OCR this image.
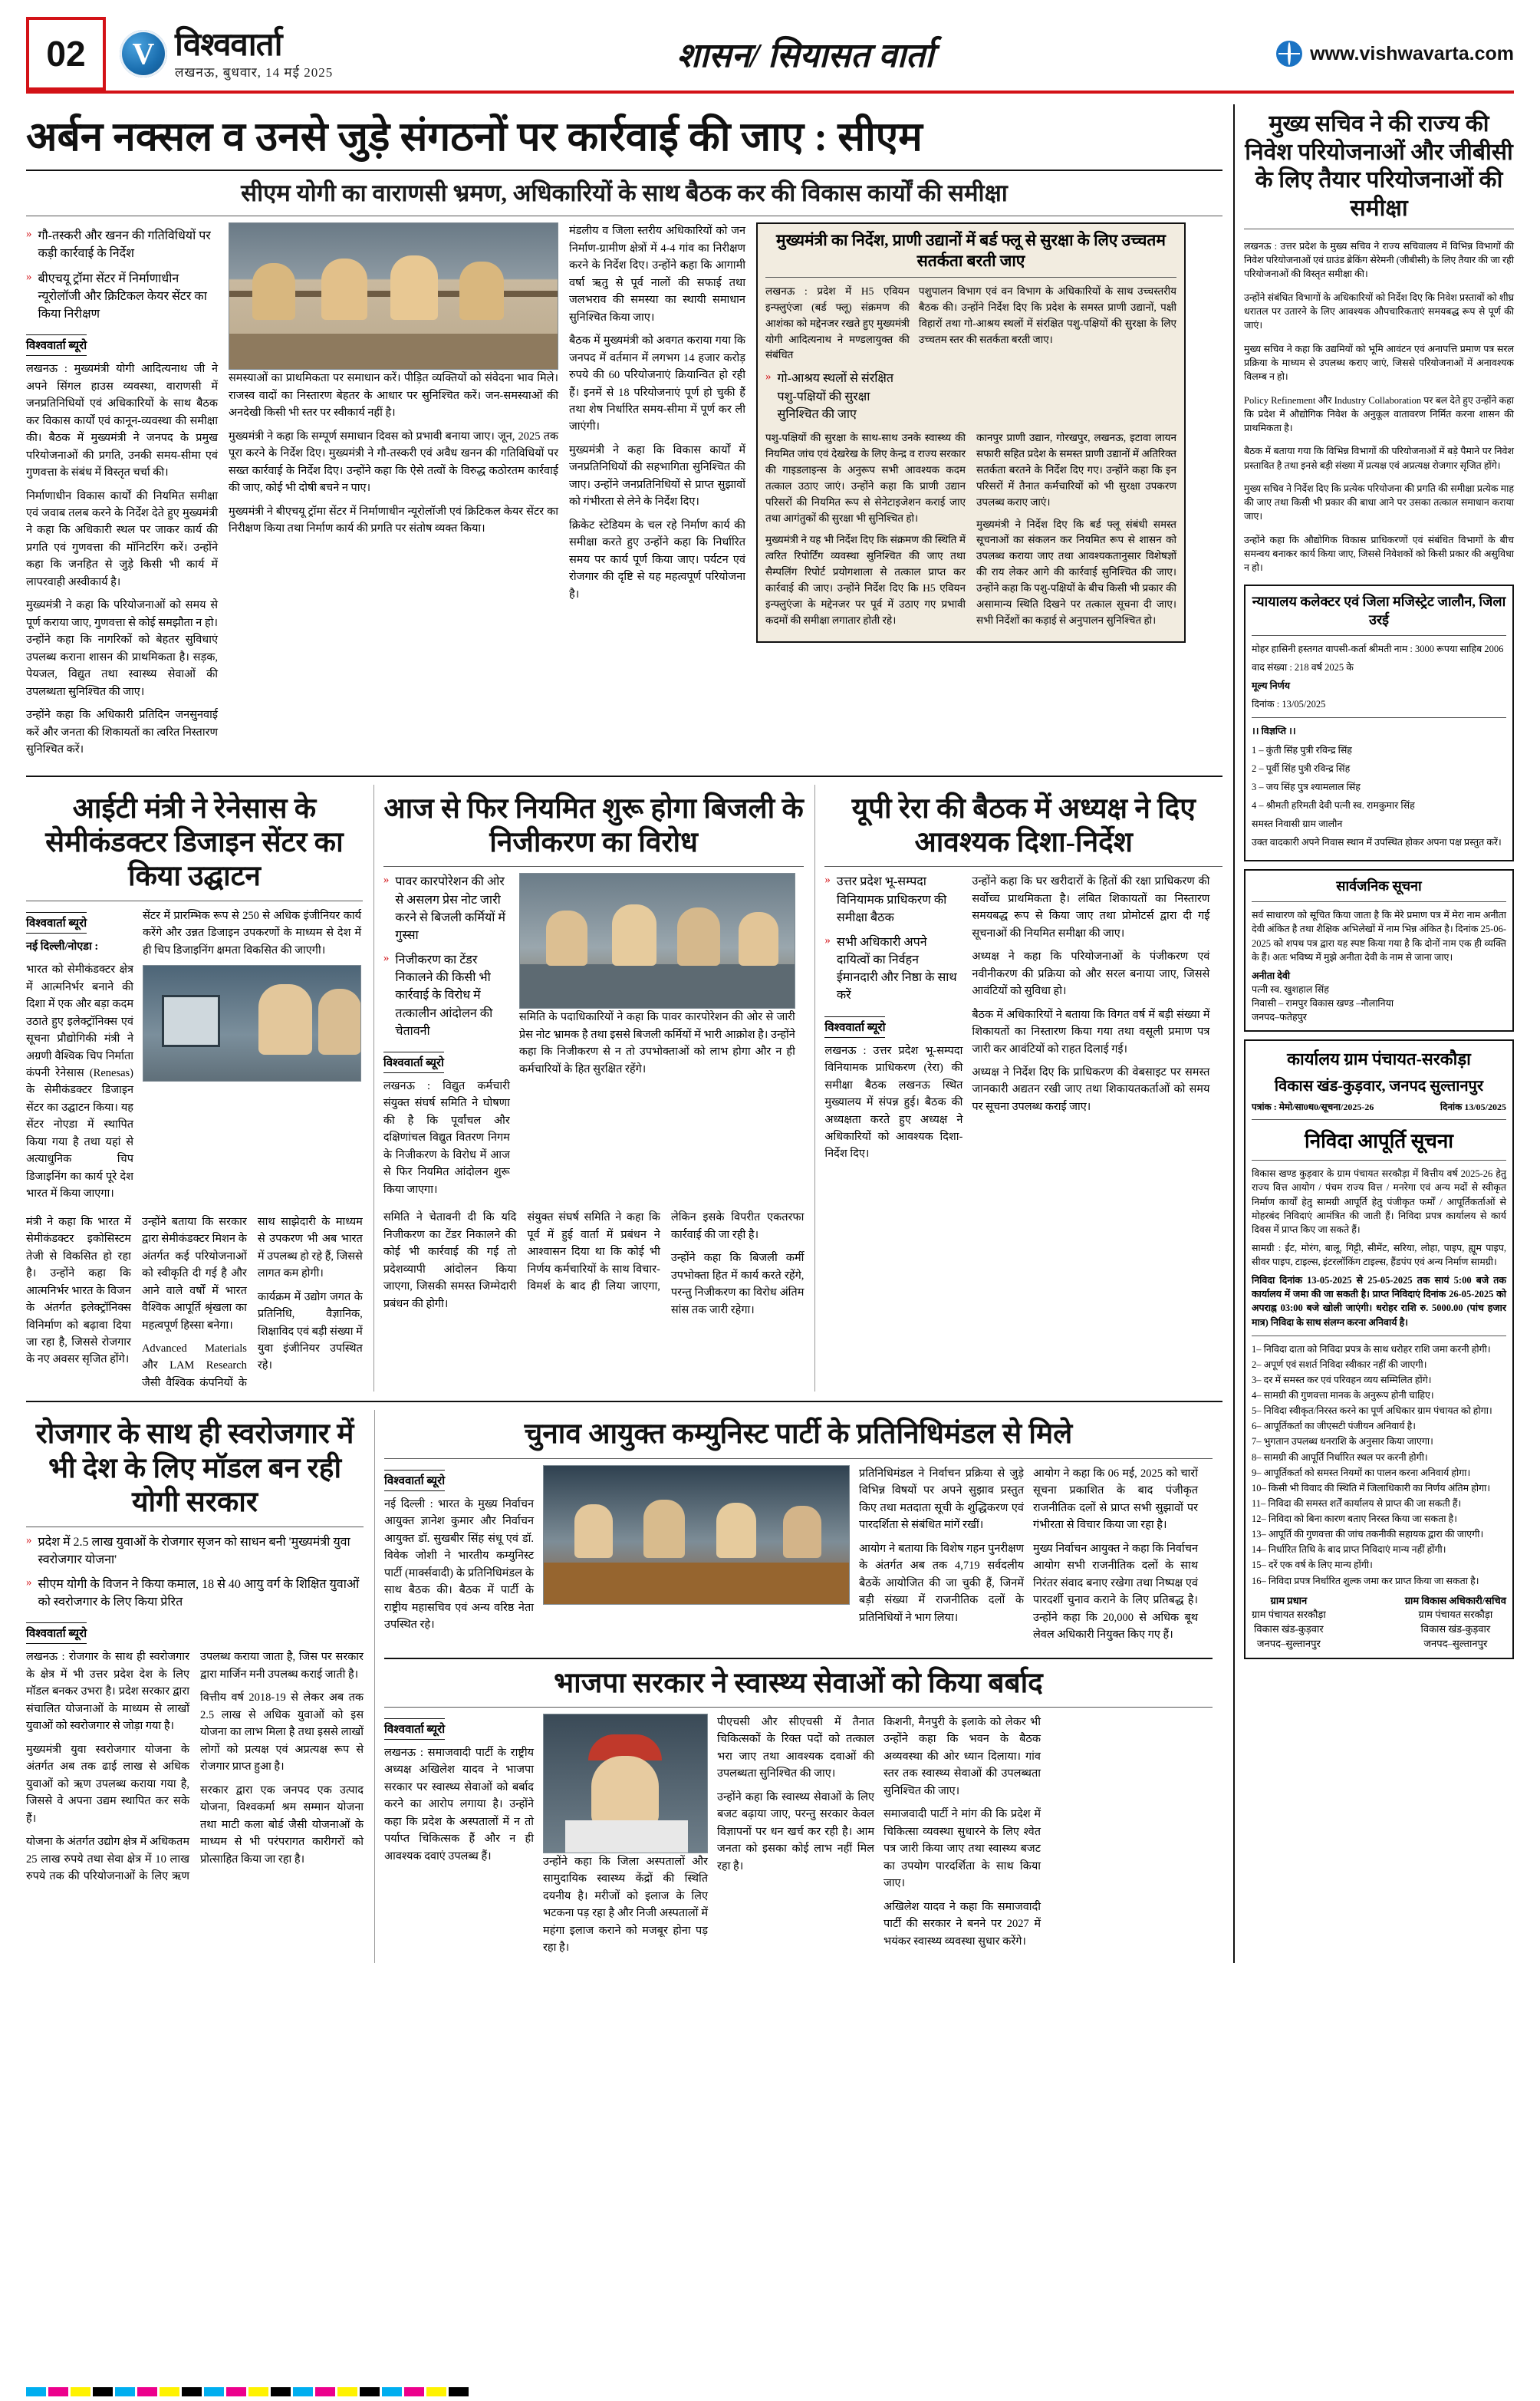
02 V	विश्ववार्ता
लखनऊ, बुधवार, 14 मई 2025	शासन/ सियासत वार्ता	www.vishwavarta.com
अर्बन नक्सल व उनसे जुड़े संगठनों पर कार्रवाई की जाए : सीएम
सीएम योगी का वाराणसी भ्रमण, अधिकारियों के साथ बैठक कर की विकास कार्यों की समीक्षा
» गौ-तस्करी और खनन की गतिविधियों पर कड़ी कार्रवाई के निर्देश
» बीएचयू ट्रॉमा सेंटर में निर्माणाधीन न्यूरोलॉजी और क्रिटिकल केयर सेंटर का किया निरीक्षण
विश्ववार्ता ब्यूरो

लखनऊ : मुख्यमंत्री योगी आदित्यनाथ जी ने अपने सिंगल हाउस व्यवस्था, वाराणसी में जनप्रतिनिधियों एवं अधिकारियों के साथ बैठक कर विकास कार्यों एवं कानून-व्यवस्था की समीक्षा की। बैठक में मुख्यमंत्री ने जनपद के प्रमुख परियोजनाओं की प्रगति, उनकी समय-सीमा एवं गुणवत्ता के संबंध में विस्तृत चर्चा की।

निर्माणाधीन विकास कार्यों की नियमित समीक्षा एवं जवाब तलब करने के निर्देश देते हुए मुख्यमंत्री ने कहा कि अधिकारी स्थल पर जाकर कार्य की प्रगति एवं गुणवत्ता की मॉनिटरिंग करें। उन्होंने कहा कि जनहित से जुड़े किसी भी कार्य में लापरवाही अस्वीकार्य है।

मुख्यमंत्री ने कहा कि परियोजनाओं को समय से पूर्ण कराया जाए, गुणवत्ता से कोई समझौता न हो। उन्होंने कहा कि नागरिकों को बेहतर सुविधाएं उपलब्ध कराना शासन की प्राथमिकता है। सड़क, पेयजल, विद्युत तथा स्वास्थ्य सेवाओं की उपलब्धता सुनिश्चित की जाए।

उन्होंने कहा कि अधिकारी प्रतिदिन जनसुनवाई करें और जनता की शिकायतों का त्वरित निस्तारण सुनिश्चित करें।

समस्याओं का प्राथमिकता पर समाधान करें। पीड़ित व्यक्तियों को संवेदना भाव मिले। राजस्व वादों का निस्तारण बेहतर के आधार पर सुनिश्चित करें। जन-समस्याओं की अनदेखी किसी भी स्तर पर स्वीकार्य नहीं है।

मुख्यमंत्री ने कहा कि सम्पूर्ण समाधान दिवस को प्रभावी बनाया जाए। जून, 2025 तक पूरा करने के निर्देश दिए। मुख्यमंत्री ने गौ-तस्करी एवं अवैध खनन की गतिविधियों पर सख्त कार्रवाई के निर्देश दिए। उन्होंने कहा कि ऐसे तत्वों के विरुद्ध कठोरतम कार्रवाई की जाए, कोई भी दोषी बचने न पाए।

मुख्यमंत्री ने बीएचयू ट्रॉमा सेंटर में निर्माणाधीन न्यूरोलॉजी एवं क्रिटिकल केयर सेंटर का निरीक्षण किया तथा निर्माण कार्य की प्रगति पर संतोष व्यक्त किया।

मंडलीय व जिला स्तरीय अधिकारियों को जन निर्माण-ग्रामीण क्षेत्रों में 4-4 गांव का निरीक्षण करने के निर्देश दिए। उन्होंने कहा कि आगामी वर्षा ऋतु से पूर्व नालों की सफाई तथा जलभराव की समस्या का स्थायी समाधान सुनिश्चित किया जाए।

बैठक में मुख्यमंत्री को अवगत कराया गया कि जनपद में वर्तमान में लगभग 14 हजार करोड़ रुपये की 60 परियोजनाएं क्रियान्वित हो रही हैं। इनमें से 18 परियोजनाएं पूर्ण हो चुकी हैं तथा शेष निर्धारित समय-सीमा में पूर्ण कर ली जाएंगी।

मुख्यमंत्री ने कहा कि विकास कार्यों में जनप्रतिनिधियों की सहभागिता सुनिश्चित की जाए। उन्होंने जनप्रतिनिधियों से प्राप्त सुझावों को गंभीरता से लेने के निर्देश दिए।

क्रिकेट स्टेडियम के चल रहे निर्माण कार्य की समीक्षा करते हुए उन्होंने कहा कि निर्धारित समय पर कार्य पूर्ण किया जाए। पर्यटन एवं रोजगार की दृष्टि से यह महत्वपूर्ण परियोजना है।

मुख्यमंत्री का निर्देश, प्राणी उद्यानों में बर्ड फ्लू से सुरक्षा के लिए उच्चतम सतर्कता बरती जाए

लखनऊ : प्रदेश में H5 एवियन इन्फ्लुएंजा (बर्ड फ्लू) संक्रमण की आशंका को मद्देनजर रखते हुए मुख्यमंत्री योगी आदित्यनाथ ने मण्डलायुक्त की संबंधित

» गो-आश्रय स्थलों से संरक्षित पशु-पक्षियों की सुरक्षा सुनिश्चित की जाए

पशुपालन विभाग एवं वन विभाग के अधिकारियों के साथ उच्चस्तरीय बैठक की। उन्होंने निर्देश दिए कि प्रदेश के समस्त प्राणी उद्यानों, पक्षी विहारों तथा गो-आश्रय स्थलों में संरक्षित पशु-पक्षियों की सुरक्षा के लिए उच्चतम स्तर की सतर्कता बरती जाए।

पशु-पक्षियों की सुरक्षा के साथ-साथ उनके स्वास्थ्य की नियमित जांच एवं देखरेख के लिए केन्द्र व राज्य सरकार की गाइडलाइन्स के अनुरूप सभी आवश्यक कदम तत्काल उठाए जाएं। उन्होंने कहा कि प्राणी उद्यान परिसरों की नियमित रूप से सेनेटाइजेशन कराई जाए तथा आगंतुकों की सुरक्षा भी सुनिश्चित हो।

मुख्यमंत्री ने यह भी निर्देश दिए कि संक्रमण की स्थिति में त्वरित रिपोर्टिंग व्यवस्था सुनिश्चित की जाए तथा सैम्पलिंग रिपोर्ट प्रयोगशाला से तत्काल प्राप्त कर कार्रवाई की जाए। उन्होंने निर्देश दिए कि H5 एवियन इन्फ्लुएंजा के मद्देनजर पर पूर्व में उठाए गए प्रभावी कदमों की समीक्षा लगातार होती रहे।

कानपुर प्राणी उद्यान, गोरखपुर, लखनऊ, इटावा लायन सफारी सहित प्रदेश के समस्त प्राणी उद्यानों में अतिरिक्त सतर्कता बरतने के निर्देश दिए गए। उन्होंने कहा कि इन परिसरों में तैनात कर्मचारियों को भी सुरक्षा उपकरण उपलब्ध कराए जाएं।

मुख्यमंत्री ने निर्देश दिए कि बर्ड फ्लू संबंधी समस्त सूचनाओं का संकलन कर नियमित रूप से शासन को उपलब्ध कराया जाए तथा आवश्यकतानुसार विशेषज्ञों की राय लेकर आगे की कार्रवाई सुनिश्चित की जाए। उन्होंने कहा कि पशु-पक्षियों के बीच किसी भी प्रकार की असामान्य स्थिति दिखने पर तत्काल सूचना दी जाए। सभी निर्देशों का कड़ाई से अनुपालन सुनिश्चित हो।

आईटी मंत्री ने रेनेसास के सेमीकंडक्टर डिजाइन सेंटर का किया उद्घाटन
विश्ववार्ता ब्यूरो

नई दिल्ली/नोएडा :

भारत को सेमीकंडक्टर क्षेत्र में आत्मनिर्भर बनाने की दिशा में एक और बड़ा कदम उठाते हुए इलेक्ट्रॉनिक्स एवं सूचना प्रौद्योगिकी मंत्री ने अग्रणी वैश्विक चिप निर्माता कंपनी रेनेसास (Renesas) के सेमीकंडक्टर डिजाइन सेंटर का उद्घाटन किया। यह सेंटर नोएडा में स्थापित किया गया है तथा यहां से अत्याधुनिक चिप डिजाइनिंग का कार्य पूरे देश भारत में किया जाएगा।

सेंटर में प्रारम्भिक रूप से 250 से अधिक इंजीनियर कार्य करेंगे और उन्नत डिजाइन उपकरणों के माध्यम से देश में ही चिप डिजाइनिंग क्षमता विकसित की जाएगी।

मंत्री ने कहा कि भारत में सेमीकंडक्टर इकोसिस्टम तेजी से विकसित हो रहा है। उन्होंने कहा कि आत्मनिर्भर भारत के विजन के अंतर्गत इलेक्ट्रॉनिक्स विनिर्माण को बढ़ावा दिया जा रहा है, जिससे रोजगार के नए अवसर सृजित होंगे।

उन्होंने बताया कि सरकार द्वारा सेमीकंडक्टर मिशन के अंतर्गत कई परियोजनाओं को स्वीकृति दी गई है और आने वाले वर्षों में भारत वैश्विक आपूर्ति श्रृंखला का महत्वपूर्ण हिस्सा बनेगा।

Advanced Materials और LAM Research जैसी वैश्विक कंपनियों के साथ साझेदारी के माध्यम से उपकरण भी अब भारत में उपलब्ध हो रहे हैं, जिससे लागत कम होगी।

कार्यक्रम में उद्योग जगत के प्रतिनिधि, वैज्ञानिक, शिक्षाविद एवं बड़ी संख्या में युवा इंजीनियर उपस्थित रहे।

आज से फिर नियमित शुरू होगा बिजली के निजीकरण का विरोध
» पावर कारपोरेशन की ओर से असलग प्रेस नोट जारी करने से बिजली कर्मियों में गुस्सा
» निजीकरण का टेंडर निकालने की किसी भी कार्रवाई के विरोध में तत्कालीन आंदोलन की चेतावनी
विश्ववार्ता ब्यूरो

लखनऊ : विद्युत कर्मचारी संयुक्त संघर्ष समिति ने घोषणा की है कि पूर्वांचल और दक्षिणांचल विद्युत वितरण निगम के निजीकरण के विरोध में आज से फिर नियमित आंदोलन शुरू किया जाएगा।

समिति के पदाधिकारियों ने कहा कि पावर कारपोरेशन की ओर से जारी प्रेस नोट भ्रामक है तथा इससे बिजली कर्मियों में भारी आक्रोश है। उन्होंने कहा कि निजीकरण से न तो उपभोक्ताओं को लाभ होगा और न ही कर्मचारियों के हित सुरक्षित रहेंगे।

समिति ने चेतावनी दी कि यदि निजीकरण का टेंडर निकालने की कोई भी कार्रवाई की गई तो प्रदेशव्यापी आंदोलन किया जाएगा, जिसकी समस्त जिम्मेदारी प्रबंधन की होगी।

संयुक्त संघर्ष समिति ने कहा कि पूर्व में हुई वार्ता में प्रबंधन ने आश्वासन दिया था कि कोई भी निर्णय कर्मचारियों के साथ विचार-विमर्श के बाद ही लिया जाएगा, लेकिन इसके विपरीत एकतरफा कार्रवाई की जा रही है।

उन्होंने कहा कि बिजली कर्मी उपभोक्ता हित में कार्य करते रहेंगे, परन्तु निजीकरण का विरोध अंतिम सांस तक जारी रहेगा।

यूपी रेरा की बैठक में अध्यक्ष ने दिए आवश्यक दिशा-निर्देश
» उत्तर प्रदेश भू-सम्पदा विनियामक प्राधिकरण की समीक्षा बैठक
» सभी अधिकारी अपने दायित्वों का निर्वहन ईमानदारी और निष्ठा के साथ करें
विश्ववार्ता ब्यूरो

लखनऊ : उत्तर प्रदेश भू-सम्पदा विनियामक प्राधिकरण (रेरा) की समीक्षा बैठक लखनऊ स्थित मुख्यालय में संपन्न हुई। बैठक की अध्यक्षता करते हुए अध्यक्ष ने अधिकारियों को आवश्यक दिशा-निर्देश दिए।

उन्होंने कहा कि घर खरीदारों के हितों की रक्षा प्राधिकरण की सर्वोच्च प्राथमिकता है। लंबित शिकायतों का निस्तारण समयबद्ध रूप से किया जाए तथा प्रोमोटर्स द्वारा दी गई सूचनाओं की नियमित समीक्षा की जाए।

अध्यक्ष ने कहा कि परियोजनाओं के पंजीकरण एवं नवीनीकरण की प्रक्रिया को और सरल बनाया जाए, जिससे आवंटियों को सुविधा हो।

बैठक में अधिकारियों ने बताया कि विगत वर्ष में बड़ी संख्या में शिकायतों का निस्तारण किया गया तथा वसूली प्रमाण पत्र जारी कर आवंटियों को राहत दिलाई गई।

अध्यक्ष ने निर्देश दिए कि प्राधिकरण की वेबसाइट पर समस्त जानकारी अद्यतन रखी जाए तथा शिकायतकर्ताओं को समय पर सूचना उपलब्ध कराई जाए।

रोजगार के साथ ही स्वरोजगार में भी देश के लिए मॉडल बन रही योगी सरकार
» प्रदेश में 2.5 लाख युवाओं के रोजगार सृजन को साधन बनी 'मुख्यमंत्री युवा स्वरोजगार योजना'
» सीएम योगी के विजन ने किया कमाल, 18 से 40 आयु वर्ग के शिक्षित युवाओं को स्वरोजगार के लिए किया प्रेरित
विश्ववार्ता ब्यूरो

लखनऊ : रोजगार के साथ ही स्वरोजगार के क्षेत्र में भी उत्तर प्रदेश देश के लिए मॉडल बनकर उभरा है। प्रदेश सरकार द्वारा संचालित योजनाओं के माध्यम से लाखों युवाओं को स्वरोजगार से जोड़ा गया है।

मुख्यमंत्री युवा स्वरोजगार योजना के अंतर्गत अब तक ढाई लाख से अधिक युवाओं को ऋण उपलब्ध कराया गया है, जिससे वे अपना उद्यम स्थापित कर सके हैं।

योजना के अंतर्गत उद्योग क्षेत्र में अधिकतम 25 लाख रुपये तथा सेवा क्षेत्र में 10 लाख रुपये तक की परियोजनाओं के लिए ऋण उपलब्ध कराया जाता है, जिस पर सरकार द्वारा मार्जिन मनी उपलब्ध कराई जाती है।

वित्तीय वर्ष 2018-19 से लेकर अब तक 2.5 लाख से अधिक युवाओं को इस योजना का लाभ मिला है तथा इससे लाखों लोगों को प्रत्यक्ष एवं अप्रत्यक्ष रूप से रोजगार प्राप्त हुआ है।

सरकार द्वारा एक जनपद एक उत्पाद योजना, विश्वकर्मा श्रम सम्मान योजना तथा माटी कला बोर्ड जैसी योजनाओं के माध्यम से भी परंपरागत कारीगरों को प्रोत्साहित किया जा रहा है।

चुनाव आयुक्त कम्युनिस्ट पार्टी के प्रतिनिधिमंडल से मिले
विश्ववार्ता ब्यूरो

नई दिल्ली : भारत के मुख्य निर्वाचन आयुक्त ज्ञानेश कुमार और निर्वाचन आयुक्त डॉ. सुखबीर सिंह संधू एवं डॉ. विवेक जोशी ने भारतीय कम्युनिस्ट पार्टी (मार्क्सवादी) के प्रतिनिधिमंडल के साथ बैठक की। बैठक में पार्टी के राष्ट्रीय महासचिव एवं अन्य वरिष्ठ नेता उपस्थित रहे।

प्रतिनिधिमंडल ने निर्वाचन प्रक्रिया से जुड़े विभिन्न विषयों पर अपने सुझाव प्रस्तुत किए तथा मतदाता सूची के शुद्धिकरण एवं पारदर्शिता से संबंधित मांगें रखीं।

आयोग ने बताया कि विशेष गहन पुनरीक्षण के अंतर्गत अब तक 4,719 सर्वदलीय बैठकें आयोजित की जा चुकी हैं, जिनमें बड़ी संख्या में राजनीतिक दलों के प्रतिनिधियों ने भाग लिया।

आयोग ने कहा कि 06 मई, 2025 को चारों सूचना प्रकाशित के बाद पंजीकृत राजनीतिक दलों से प्राप्त सभी सुझावों पर गंभीरता से विचार किया जा रहा है।

मुख्य निर्वाचन आयुक्त ने कहा कि निर्वाचन आयोग सभी राजनीतिक दलों के साथ निरंतर संवाद बनाए रखेगा तथा निष्पक्ष एवं पारदर्शी चुनाव कराने के लिए प्रतिबद्ध है। उन्होंने कहा कि 20,000 से अधिक बूथ लेवल अधिकारी नियुक्त किए गए हैं।

भाजपा सरकार ने स्वास्थ्य सेवाओं को किया बर्बाद
विश्ववार्ता ब्यूरो

लखनऊ : समाजवादी पार्टी के राष्ट्रीय अध्यक्ष अखिलेश यादव ने भाजपा सरकार पर स्वास्थ्य सेवाओं को बर्बाद करने का आरोप लगाया है। उन्होंने कहा कि प्रदेश के अस्पतालों में न तो पर्याप्त चिकित्सक हैं और न ही आवश्यक दवाएं उपलब्ध हैं।	उन्होंने कहा कि जिला अस्पतालों और सामुदायिक स्वास्थ्य केंद्रों की स्थिति दयनीय है। मरीजों को इलाज के लिए भटकना पड़ रहा है और निजी अस्पतालों में महंगा इलाज कराने को मजबूर होना पड़ रहा है।

पीएचसी और सीएचसी में तैनात चिकित्सकों के रिक्त पदों को तत्काल भरा जाए तथा आवश्यक दवाओं की उपलब्धता सुनिश्चित की जाए।

उन्होंने कहा कि स्वास्थ्य सेवाओं के लिए बजट बढ़ाया जाए, परन्तु सरकार केवल विज्ञापनों पर धन खर्च कर रही है। आम जनता को इसका कोई लाभ नहीं मिल रहा है।

किशनी, मैनपुरी के इलाके को लेकर भी उन्होंने कहा कि भवन के बैठक अव्यवस्था की ओर ध्यान दिलाया। गांव स्तर तक स्वास्थ्य सेवाओं की उपलब्धता सुनिश्चित की जाए।

समाजवादी पार्टी ने मांग की कि प्रदेश में चिकित्सा व्यवस्था सुधारने के लिए श्वेत पत्र जारी किया जाए तथा स्वास्थ्य बजट का उपयोग पारदर्शिता के साथ किया जाए।

अखिलेश यादव ने कहा कि समाजवादी पार्टी की सरकार ने बनने पर 2027 में भयंकर स्वास्थ्य व्यवस्था सुधार करेंगे।

मुख्य सचिव ने की राज्य की निवेश परियोजनाओं और जीबीसी के लिए तैयार परियोजनाओं की समीक्षा

लखनऊ : उत्तर प्रदेश के मुख्य सचिव ने राज्य सचिवालय में विभिन्न विभागों की निवेश परियोजनाओं एवं ग्राउंड ब्रेकिंग सेरेमनी (जीबीसी) के लिए तैयार की जा रही परियोजनाओं की विस्तृत समीक्षा की।

उन्होंने संबंधित विभागों के अधिकारियों को निर्देश दिए कि निवेश प्रस्तावों को शीघ्र धरातल पर उतारने के लिए आवश्यक औपचारिकताएं समयबद्ध रूप से पूर्ण की जाएं।

मुख्य सचिव ने कहा कि उद्यमियों को भूमि आवंटन एवं अनापत्ति प्रमाण पत्र सरल प्रक्रिया के माध्यम से उपलब्ध कराए जाएं, जिससे परियोजनाओं में अनावश्यक विलम्ब न हो।

Policy Refinement और Industry Collaboration पर बल देते हुए उन्होंने कहा कि प्रदेश में औद्योगिक निवेश के अनुकूल वातावरण निर्मित करना शासन की प्राथमिकता है।

बैठक में बताया गया कि विभिन्न विभागों की परियोजनाओं में बड़े पैमाने पर निवेश प्रस्तावित है तथा इनसे बड़ी संख्या में प्रत्यक्ष एवं अप्रत्यक्ष रोजगार सृजित होंगे।

मुख्य सचिव ने निर्देश दिए कि प्रत्येक परियोजना की प्रगति की समीक्षा प्रत्येक माह की जाए तथा किसी भी प्रकार की बाधा आने पर उसका तत्काल समाधान कराया जाए।

उन्होंने कहा कि औद्योगिक विकास प्राधिकरणों एवं संबंधित विभागों के बीच समन्वय बनाकर कार्य किया जाए, जिससे निवेशकों को किसी प्रकार की असुविधा न हो।

न्यायालय कलेक्टर एवं जिला मजिस्ट्रेट जालौन, जिला उरई

मोहर हासिनी हस्तगत वापसी-कर्ता श्रीमती नाम : 3000 रूपया साहिब 2006

वाद संख्या : 218 वर्ष 2025 के

मूल्य निर्णय

दिनांक : 13/05/2025

।। विज्ञप्ति ।।

1 – कुंती सिंह पुत्री रविन्द्र सिंह

2 – पूर्वी सिंह पुत्री रविन्द्र सिंह

3 – जय सिंह पुत्र श्यामलाल सिंह

4 – श्रीमती हरिमती देवी पत्नी स्व. रामकुमार सिंह

समस्त निवासी ग्राम जालौन

उक्त वादकारी अपने निवास स्थान में उपस्थित होकर अपना पक्ष प्रस्तुत करें।

सार्वजनिक सूचना

सर्व साधारण को सूचित किया जाता है कि मेरे प्रमाण पत्र में मेरा नाम अनीता देवी अंकित है तथा शैक्षिक अभिलेखों में नाम भिन्न अंकित है। दिनांक 25-06-2025 को शपथ पत्र द्वारा यह स्पष्ट किया गया है कि दोनों नाम एक ही व्यक्ति के हैं। अतः भविष्य में मुझे अनीता देवी के नाम से जाना जाए।

अनीता देवी

पत्नी स्व. खुशहाल सिंह

निवासी – रामपुर विकास खण्ड –नौलानिया

जनपद–फतेहपुर

कार्यालय ग्राम पंचायत-सरकौड़ा
विकास खंड-कुड़वार, जनपद सुल्तानपुर
पत्रांक : मेमो/सा0ध0/सूचना/2025-26	दिनांक 13/05/2025
निविदा आपूर्ति सूचना

विकास खण्ड कुड़वार के ग्राम पंचायत सरकौड़ा में वित्तीय वर्ष 2025-26 हेतु राज्य वित्त आयोग / पंचम राज्य वित्त / मनरेगा एवं अन्य मदों से स्वीकृत निर्माण कार्यों हेतु सामग्री आपूर्ति हेतु पंजीकृत फर्मों / आपूर्तिकर्ताओं से मोहरबंद निविदाएं आमंत्रित की जाती हैं। निविदा प्रपत्र कार्यालय से कार्य दिवस में प्राप्त किए जा सकते हैं।

सामग्री : ईंट, मोरंग, बालू, गिट्टी, सीमेंट, सरिया, लोहा, पाइप, ह्यूम पाइप, सीवर पाइप, टाइल्स, इंटरलॉकिंग टाइल्स, हैंडपंप एवं अन्य निर्माण सामग्री।

निविदा दिनांक 13-05-2025 से 25-05-2025 तक सायं 5:00 बजे तक कार्यालय में जमा की जा सकती है। प्राप्त निविदाएं दिनांक 26-05-2025 को अपराह्न 03:00 बजे खोली जाएंगी। धरोहर राशि रु. 5000.00 (पांच हजार मात्र) निविदा के साथ संलग्न करना अनिवार्य है।

1– निविदा दाता को निविदा प्रपत्र के साथ धरोहर राशि जमा करनी होगी।

2– अपूर्ण एवं सशर्त निविदा स्वीकार नहीं की जाएगी।

3– दर में समस्त कर एवं परिवहन व्यय सम्मिलित होंगे।

4– सामग्री की गुणवत्ता मानक के अनुरूप होनी चाहिए।

5– निविदा स्वीकृत/निरस्त करने का पूर्ण अधिकार ग्राम पंचायत को होगा।

6– आपूर्तिकर्ता का जीएसटी पंजीयन अनिवार्य है।

7– भुगतान उपलब्ध धनराशि के अनुसार किया जाएगा।

8– सामग्री की आपूर्ति निर्धारित स्थल पर करनी होगी।

9– आपूर्तिकर्ता को समस्त नियमों का पालन करना अनिवार्य होगा।

10– किसी भी विवाद की स्थिति में जिलाधिकारी का निर्णय अंतिम होगा।

11– निविदा की समस्त शर्तें कार्यालय से प्राप्त की जा सकती हैं।

12– निविदा को बिना कारण बताए निरस्त किया जा सकता है।

13– आपूर्ति की गुणवत्ता की जांच तकनीकी सहायक द्वारा की जाएगी।

14– निर्धारित तिथि के बाद प्राप्त निविदाएं मान्य नहीं होंगी।

15– दरें एक वर्ष के लिए मान्य होंगी।

16– निविदा प्रपत्र निर्धारित शुल्क जमा कर प्राप्त किया जा सकता है।

ग्राम प्रधान
ग्राम पंचायत सरकौड़ा
विकास खंड-कुड़वार
जनपद–सुल्तानपुर
ग्राम विकास अधिकारी/सचिव
ग्राम पंचायत सरकौड़ा
विकास खंड-कुड़वार
जनपद–सुल्तानपुर
